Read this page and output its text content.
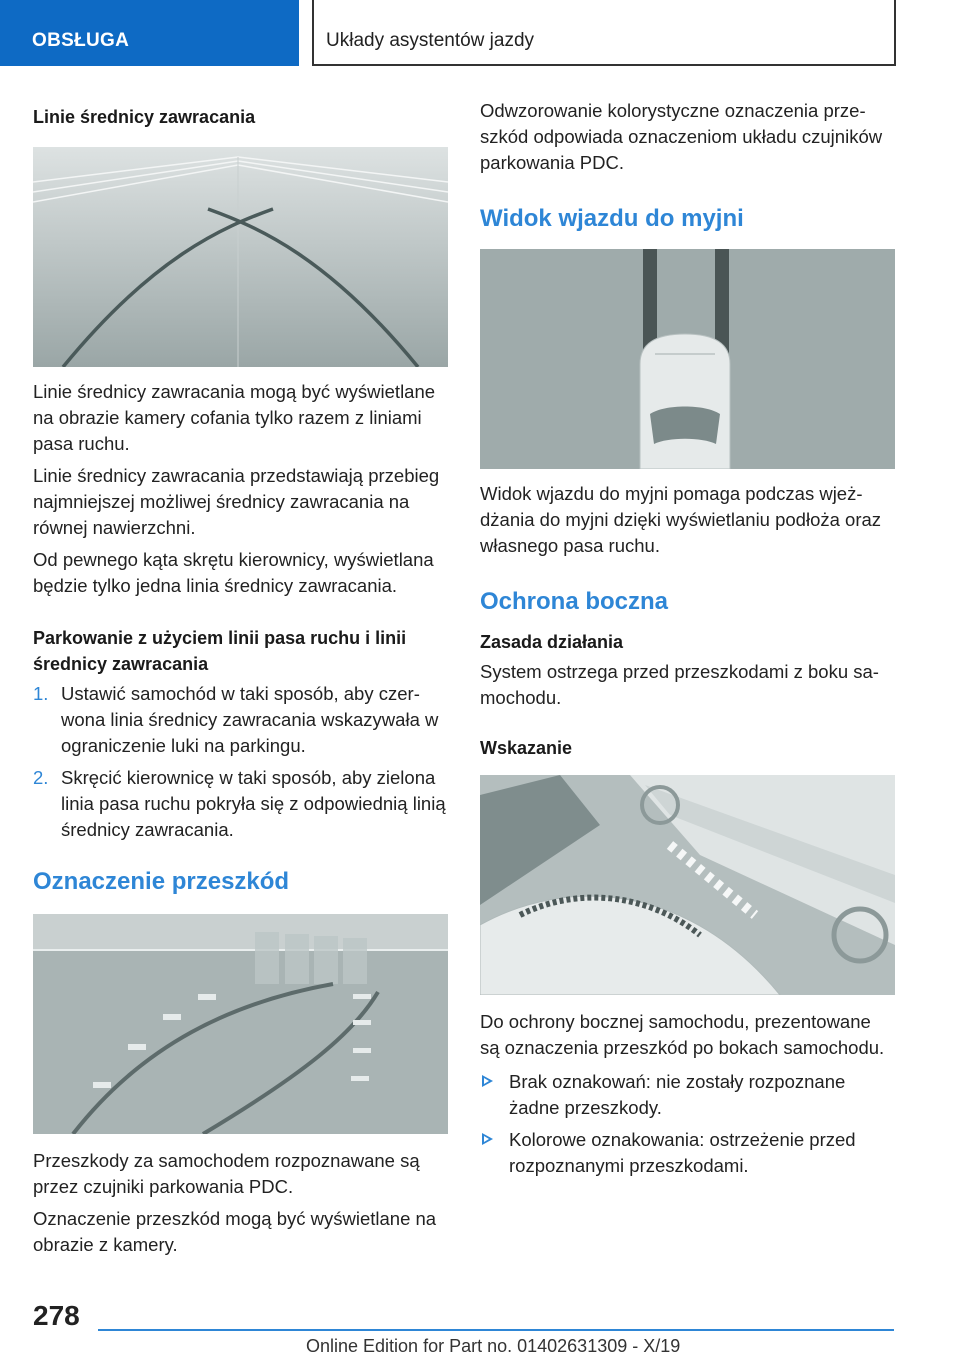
OBSŁUGA	Układy asystentów jazdy
Linie średnicy zawracania

Linie średnicy zawracania mogą być wyświetlane na obrazie kamery cofania tylko razem z liniami pasa ruchu.

Linie średnicy zawracania przedstawiają przebieg najmniejszej możliwej średnicy zawracania na równej nawierzchni.

Od pewnego kąta skrętu kierownicy, wyświetlana będzie tylko jedna linia średnicy zawracania.

Parkowanie z użyciem linii pasa ruchu i linii średnicy zawracania
1. Ustawić samochód w taki sposób, aby czerwona linia średnicy zawracania wskazywała w ograniczenie luki na parkingu.
2. Skręcić kierownicę w taki sposób, aby zielona linia pasa ruchu pokryła się z odpowiednią linią średnicy zawracania.
Oznaczenie przeszkód

Przeszkody za samochodem rozpoznawane są przez czujniki parkowania PDC.

Oznaczenie przeszkód mogą być wyświetlane na obrazie z kamery.

Odwzorowanie kolorystyczne oznaczenia przeszkód odpowiada oznaczeniom układu czujników parkowania PDC.

Widok wjazdu do myjni

Widok wjazdu do myjni pomaga podczas wjeżdżania do myjni dzięki wyświetlaniu podłoża oraz własnego pasa ruchu.

Ochrona boczna
Zasada działania

System ostrzega przed przeszkodami z boku samochodu.

Wskazanie

Do ochrony bocznej samochodu, prezentowane są oznaczenia przeszkód po bokach samochodu.

Brak oznakowań: nie zostały rozpoznane żadne przeszkody.
Kolorowe oznakowania: ostrzeżenie przed rozpoznanymi przeszkodami.
278
Online Edition for Part no. 01402631309 - X/19
